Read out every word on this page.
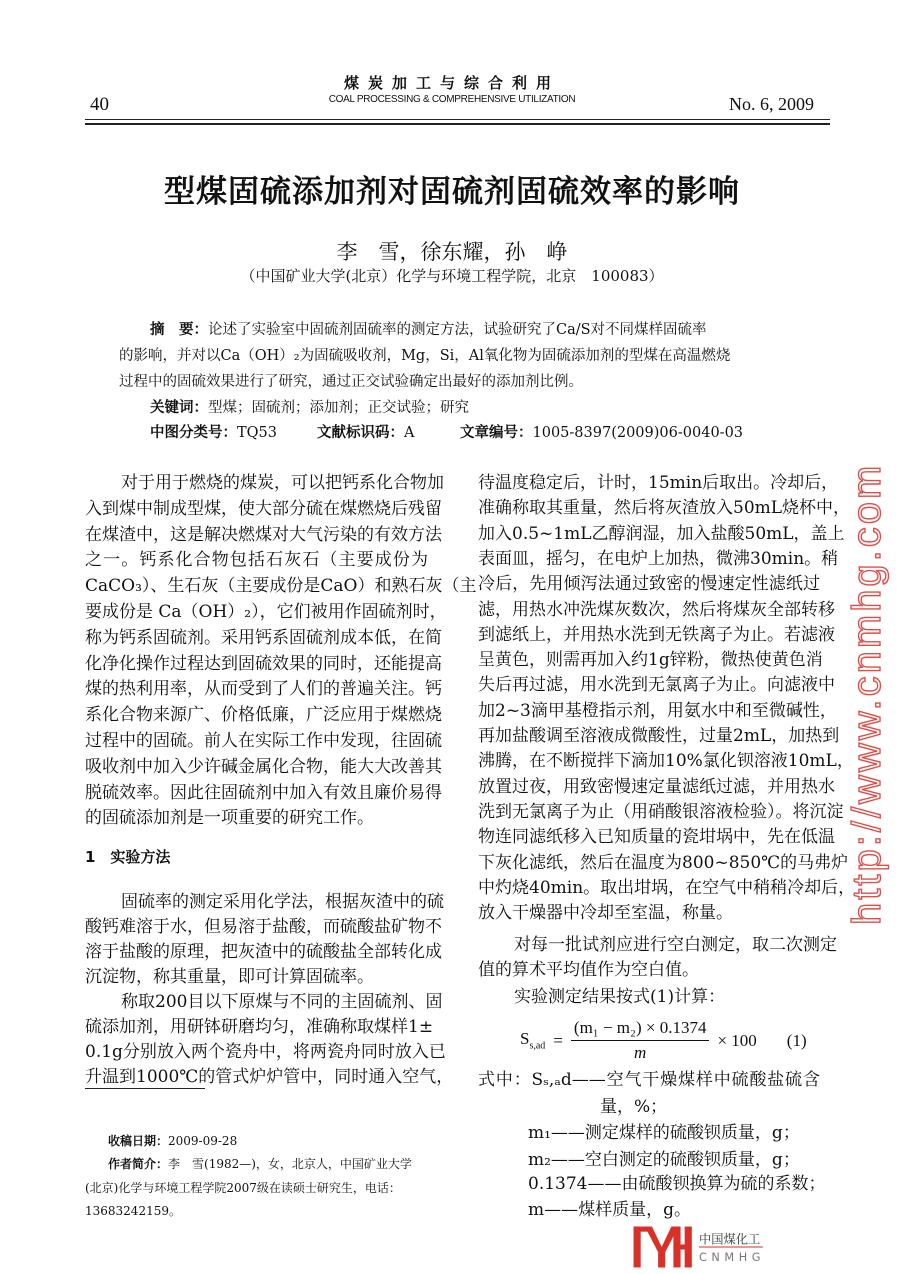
煤炭加工与综合利用
COAL PROCESSING & COMPREHENSIVE UTILIZATION
40	No. 6, 2009
型煤固硫添加剂对固硫剂固硫效率的影响
李　雪，徐东耀，孙　峥
（中国矿业大学(北京）化学与环境工程学院，北京　100083）
摘　要：论述了实验室中固硫剂固硫率的测定方法，试验研究了Ca/S对不同煤样固硫率
的影响，并对以Ca（OH）₂为固硫吸收剂，Mg，Si，Al氧化物为固硫添加剂的型煤在高温燃烧
过程中的固硫效果进行了研究，通过正交试验确定出最好的添加剂比例。
关键词：型煤；固硫剂；添加剂；正交试验；研究
中图分类号：TQ53	文献标识码：A	文章编号：1005-8397(2009)06-0040-03
对于用于燃烧的煤炭，可以把钙系化合物加
入到煤中制成型煤，使大部分硫在煤燃烧后残留
在煤渣中，这是解决燃煤对大气污染的有效方法
之一。钙系化合物包括石灰石（主要成份为
CaCO₃）、生石灰（主要成份是CaO）和熟石灰（主
要成份是 Ca（OH）₂），它们被用作固硫剂时，
称为钙系固硫剂。采用钙系固硫剂成本低，在简
化净化操作过程达到固硫效果的同时，还能提高
煤的热利用率，从而受到了人们的普遍关注。钙
系化合物来源广、价格低廉，广泛应用于煤燃烧
过程中的固硫。前人在实际工作中发现，往固硫
吸收剂中加入少许碱金属化合物，能大大改善其
脱硫效率。因此往固硫剂中加入有效且廉价易得
的固硫添加剂是一项重要的研究工作。
固硫率的测定采用化学法，根据灰渣中的硫
酸钙难溶于水，但易溶于盐酸，而硫酸盐矿物不
溶于盐酸的原理，把灰渣中的硫酸盐全部转化成
沉淀物，称其重量，即可计算固硫率。
称取200目以下原煤与不同的主固硫剂、固
硫添加剂，用研钵研磨均匀，准确称取煤样1±
0.1g分别放入两个瓷舟中，将两瓷舟同时放入已
升温到1000℃的管式炉炉管中，同时通入空气，
1　实验方法
待温度稳定后，计时，15min后取出。冷却后，
准确称取其重量，然后将灰渣放入50mL烧杯中，
加入0.5~1mL乙醇润湿，加入盐酸50mL，盖上
表面皿，摇匀，在电炉上加热，微沸30min。稍
冷后，先用倾泻法通过致密的慢速定性滤纸过
滤，用热水冲洗煤灰数次，然后将煤灰全部转移
到滤纸上，并用热水洗到无铁离子为止。若滤液
呈黄色，则需再加入约1g锌粉，微热使黄色消
失后再过滤，用水洗到无氯离子为止。向滤液中
加2~3滴甲基橙指示剂，用氨水中和至微碱性，
再加盐酸调至溶液成微酸性，过量2mL，加热到
沸腾，在不断搅拌下滴加10%氯化钡溶液10mL，
放置过夜，用致密慢速定量滤纸过滤，并用热水
洗到无氯离子为止（用硝酸银溶液检验）。将沉淀
物连同滤纸移入已知质量的瓷坩埚中，先在低温
下灰化滤纸，然后在温度为800~850℃的马弗炉
中灼烧40min。取出坩埚，在空气中稍稍冷却后，
放入干燥器中冷却至室温，称量。
对每一批试剂应进行空白测定，取二次测定
值的算术平均值作为空白值。
实验测定结果按式(1)计算：
$S_{s,ad} = \frac{\text{(m₁ − m₂) × 0.1374}}{m} \times 100$ (1)
式中：Sₛ,ₐd——空气干燥煤样中硫酸盐硫含
量，%；
m₁——测定煤样的硫酸钡质量，g；
m₂——空白测定的硫酸钡质量，g；
0.1374——由硫酸钡换算为硫的系数；
m——煤样质量，g。
收稿日期：2009-09-28
作者简介：李　雪(1982—)，女，北京人，中国矿业大学
(北京)化学与环境工程学院2007级在读硕士研究生，电话：
13683242159。
http://www.cnmhg.com
中国煤化工
CNMHG
